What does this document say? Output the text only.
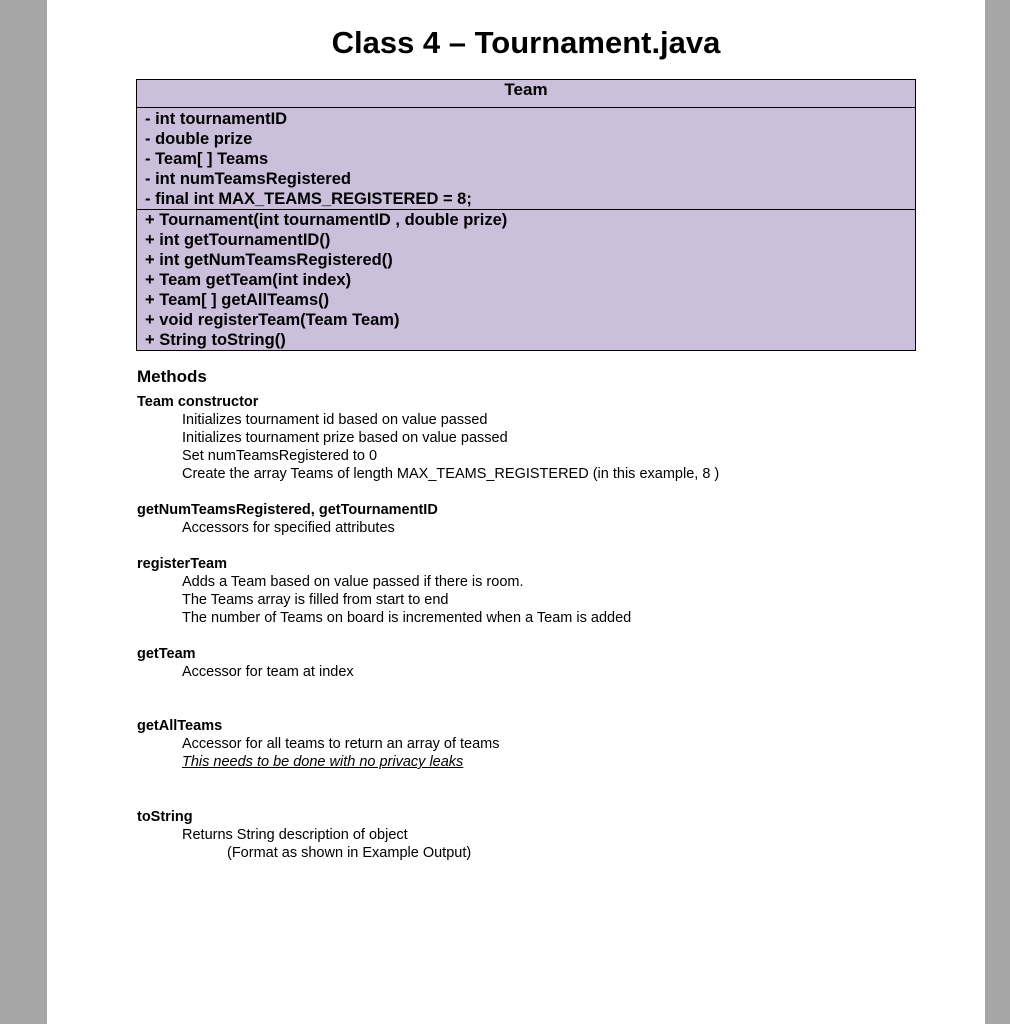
Class 4 – Tournament.java
Team
- int tournamentID
- double prize
- Team[ ] Teams
- int numTeamsRegistered
- final int MAX_TEAMS_REGISTERED = 8;
+ Tournament(int tournamentID , double prize)
+ int getTournamentID()
+ int getNumTeamsRegistered()
+ Team getTeam(int index)
+ Team[ ] getAllTeams()
+ void registerTeam(Team Team)
+ String toString()
Methods
Team constructor
Initializes tournament id based on value passed
Initializes tournament prize based on value passed
Set numTeamsRegistered to 0
Create the array Teams of length MAX_TEAMS_REGISTERED (in this example, 8 )
getNumTeamsRegistered, getTournamentID
Accessors for specified attributes
registerTeam
Adds a Team based on value passed if there is room.
The Teams array is filled from start to end
The number of Teams on board is incremented when a Team is added
getTeam
Accessor for team at index
getAllTeams
Accessor for all teams to return an array of teams
This needs to be done with no privacy leaks
toString
Returns String description of object
(Format as shown in Example Output)
